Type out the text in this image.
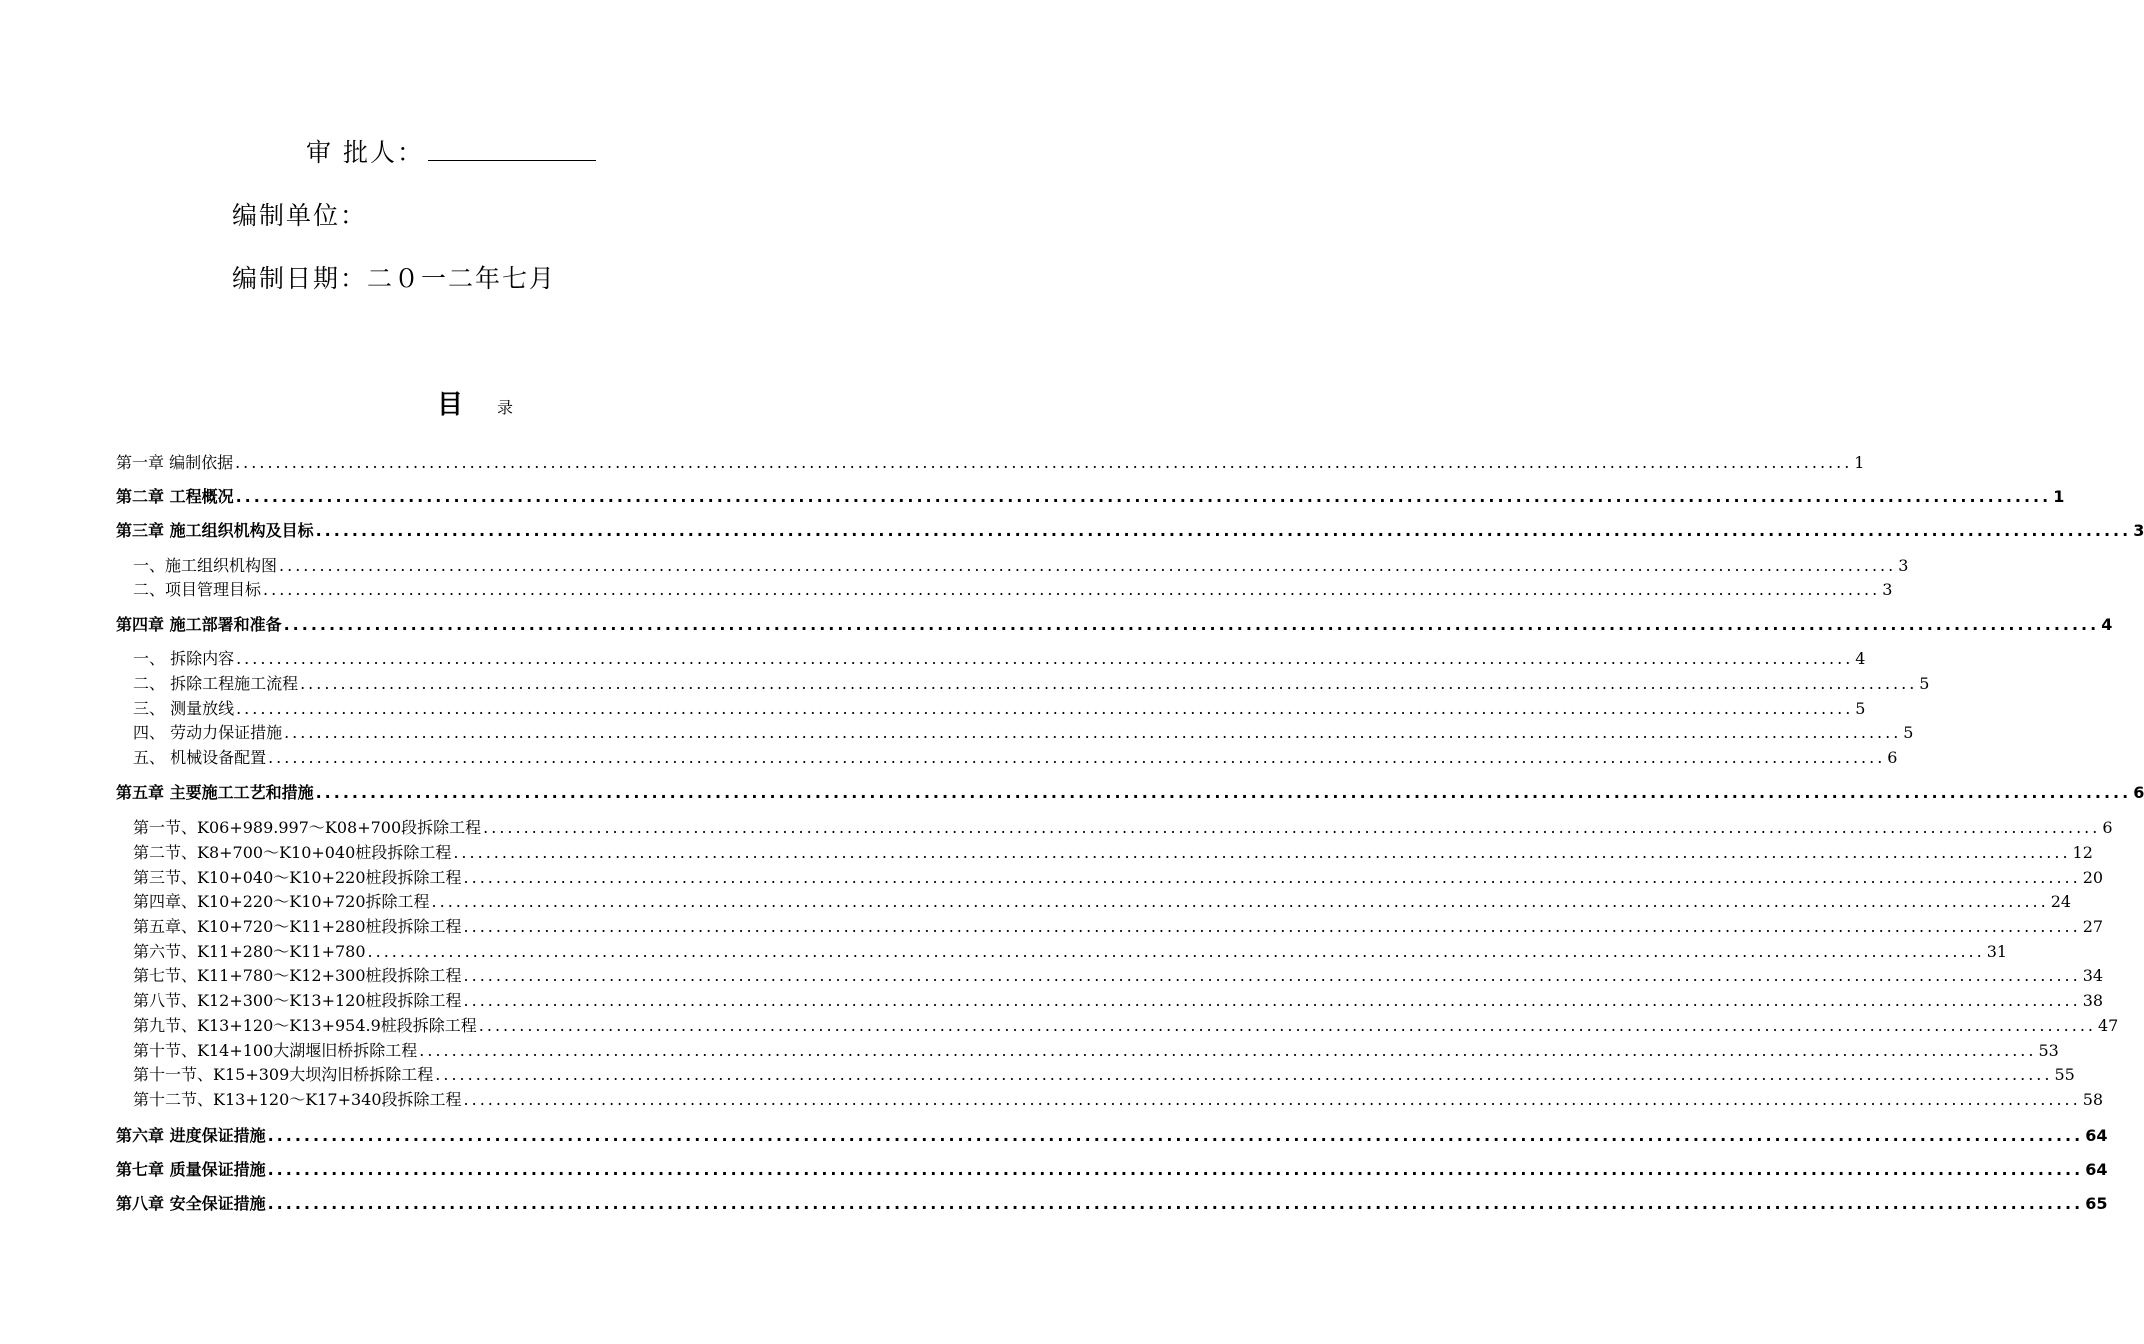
审 批人：
编制单位：
编制日期：二０一二年七月
目 录
第一章 编制依据 ........................................................................................................................................................................................................ 1
第二章 工程概况 ........................................................................................................................................................................................................ 1
第三章 施工组织机构及目标 ........................................................................................................................................................................................................ 3
一、施工组织机构图 ........................................................................................................................................................................................................ 3
二、项目管理目标 ........................................................................................................................................................................................................ 3
第四章 施工部署和准备 ........................................................................................................................................................................................................ 4
一、 拆除内容 ........................................................................................................................................................................................................ 4
二、 拆除工程施工流程 ........................................................................................................................................................................................................ 5
三、 测量放线 ........................................................................................................................................................................................................ 5
四、 劳动力保证措施 ........................................................................................................................................................................................................ 5
五、 机械设备配置 ........................................................................................................................................................................................................ 6
第五章 主要施工工艺和措施 ........................................................................................................................................................................................................ 6
第一节、K06+989.997～K08+700段拆除工程 ........................................................................................................................................................................................................ 6
第二节、K8+700～K10+040桩段拆除工程 ........................................................................................................................................................................................................ 12
第三节、K10+040～K10+220桩段拆除工程 ........................................................................................................................................................................................................ 20
第四章、K10+220～K10+720拆除工程 ........................................................................................................................................................................................................ 24
第五章、K10+720～K11+280桩段拆除工程 ........................................................................................................................................................................................................ 27
第六节、K11+280～K11+780 ........................................................................................................................................................................................................ 31
第七节、K11+780～K12+300桩段拆除工程 ........................................................................................................................................................................................................ 34
第八节、K12+300～K13+120桩段拆除工程 ........................................................................................................................................................................................................ 38
第九节、K13+120～K13+954.9桩段拆除工程 ........................................................................................................................................................................................................ 47
第十节、K14+100大湖堰旧桥拆除工程 ........................................................................................................................................................................................................ 53
第十一节、K15+309大坝沟旧桥拆除工程 ........................................................................................................................................................................................................ 55
第十二节、K13+120～K17+340段拆除工程 ........................................................................................................................................................................................................ 58
第六章 进度保证措施 ........................................................................................................................................................................................................ 64
第七章 质量保证措施 ........................................................................................................................................................................................................ 64
第八章 安全保证措施 ........................................................................................................................................................................................................ 65
